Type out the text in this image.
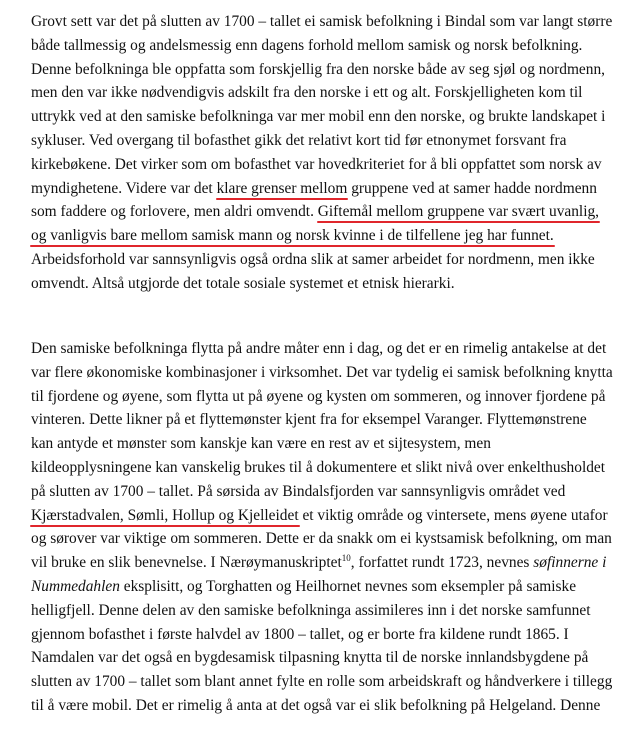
Grovt sett var det på slutten av 1700 – tallet ei samisk befolkning i Bindal som var langt større

både tallmessig og andelsmessig enn dagens forhold mellom samisk og norsk befolkning.

Denne befolkninga ble oppfatta som forskjellig fra den norske både av seg sjøl og nordmenn,

men den var ikke nødvendigvis adskilt fra den norske i ett og alt. Forskjelligheten kom til

uttrykk ved at den samiske befolkninga var mer mobil enn den norske, og brukte landskapet i

sykluser. Ved overgang til bofasthet gikk det relativt kort tid før etnonymet forsvant fra

kirkebøkene. Det virker som om bofasthet var hovedkriteriet for å bli oppfattet som norsk av

myndighetene. Videre var det klare grenser mellom gruppene ved at samer hadde nordmenn

som faddere og forlovere, men aldri omvendt. Giftemål mellom gruppene var svært uvanlig,

og vanligvis bare mellom samisk mann og norsk kvinne i de tilfellene jeg har funnet.

Arbeidsforhold var sannsynligvis også ordna slik at samer arbeidet for nordmenn, men ikke

omvendt. Altså utgjorde det totale sosiale systemet et etnisk hierarki.

Den samiske befolkninga flytta på andre måter enn i dag, og det er en rimelig antakelse at det

var flere økonomiske kombinasjoner i virksomhet. Det var tydelig ei samisk befolkning knytta

til fjordene og øyene, som flytta ut på øyene og kysten om sommeren, og innover fjordene på

vinteren. Dette likner på et flyttemønster kjent fra for eksempel Varanger. Flyttemønstrene

kan antyde et mønster som kanskje kan være en rest av et sijtesystem, men

kildeopplysningene kan vanskelig brukes til å dokumentere et slikt nivå over enkelthusholdet

på slutten av 1700 – tallet. På sørsida av Bindalsfjorden var sannsynligvis området ved

Kjærstadvalen, Sømli, Hollup og Kjelleidet et viktig område og vintersete, mens øyene utafor

og sørover var viktige om sommeren. Dette er da snakk om ei kystsamisk befolkning, om man

vil bruke en slik benevnelse. I Nærøymanuskriptet$^{10}$, forfattet rundt 1723, nevnes søfinnerne i

Nummedahlen eksplisitt, og Torghatten og Heilhornet nevnes som eksempler på samiske

helligfjell. Denne delen av den samiske befolkninga assimileres inn i det norske samfunnet

gjennom bofasthet i første halvdel av 1800 – tallet, og er borte fra kildene rundt 1865. I

Namdalen var det også en bygdesamisk tilpasning knytta til de norske innlandsbygdene på

slutten av 1700 – tallet som blant annet fylte en rolle som arbeidskraft og håndverkere i tillegg

til å være mobil. Det er rimelig å anta at det også var ei slik befolkning på Helgeland. Denne
